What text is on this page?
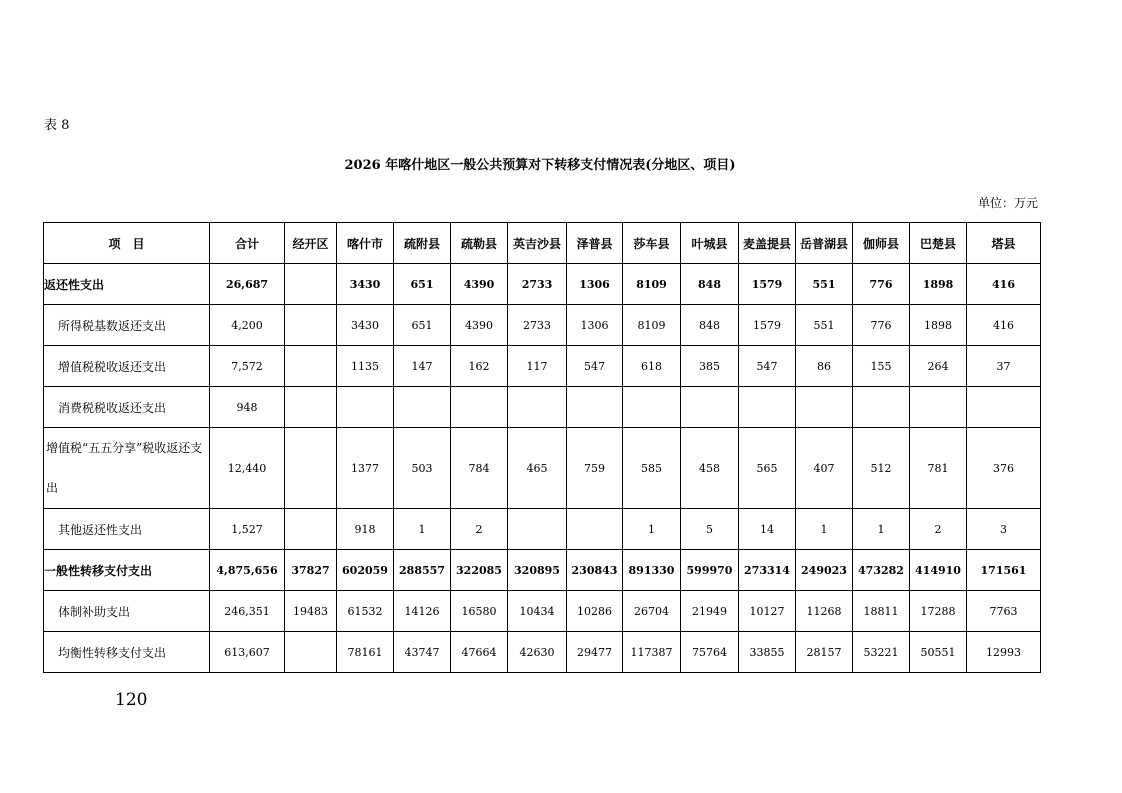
表 8
2026 年喀什地区一般公共预算对下转移支付情况表(分地区、项目)
单位：万元
项　目	合计	经开区	喀什市	疏附县	疏勒县	英吉沙县	泽普县	莎车县	叶城县	麦盖提县	岳普湖县	伽师县	巴楚县	塔县
返还性支出	26,687		3430	651	4390	2733	1306	8109	848	1579	551	776	1898	416
所得税基数返还支出	4,200		3430	651	4390	2733	1306	8109	848	1579	551	776	1898	416
增值税税收返还支出	7,572		1135	147	162	117	547	618	385	547	86	155	264	37
消费税税收返还支出	948													
增值税“五五分享”税收返还支出	12,440		1377	503	784	465	759	585	458	565	407	512	781	376
其他返还性支出	1,527		918	1	2			1	5	14	1	1	2	3
一般性转移支付支出	4,875,656	37827	602059	288557	322085	320895	230843	891330	599970	273314	249023	473282	414910	171561
体制补助支出	246,351	19483	61532	14126	16580	10434	10286	26704	21949	10127	11268	18811	17288	7763
均衡性转移支付支出	613,607		78161	43747	47664	42630	29477	117387	75764	33855	28157	53221	50551	12993
120
